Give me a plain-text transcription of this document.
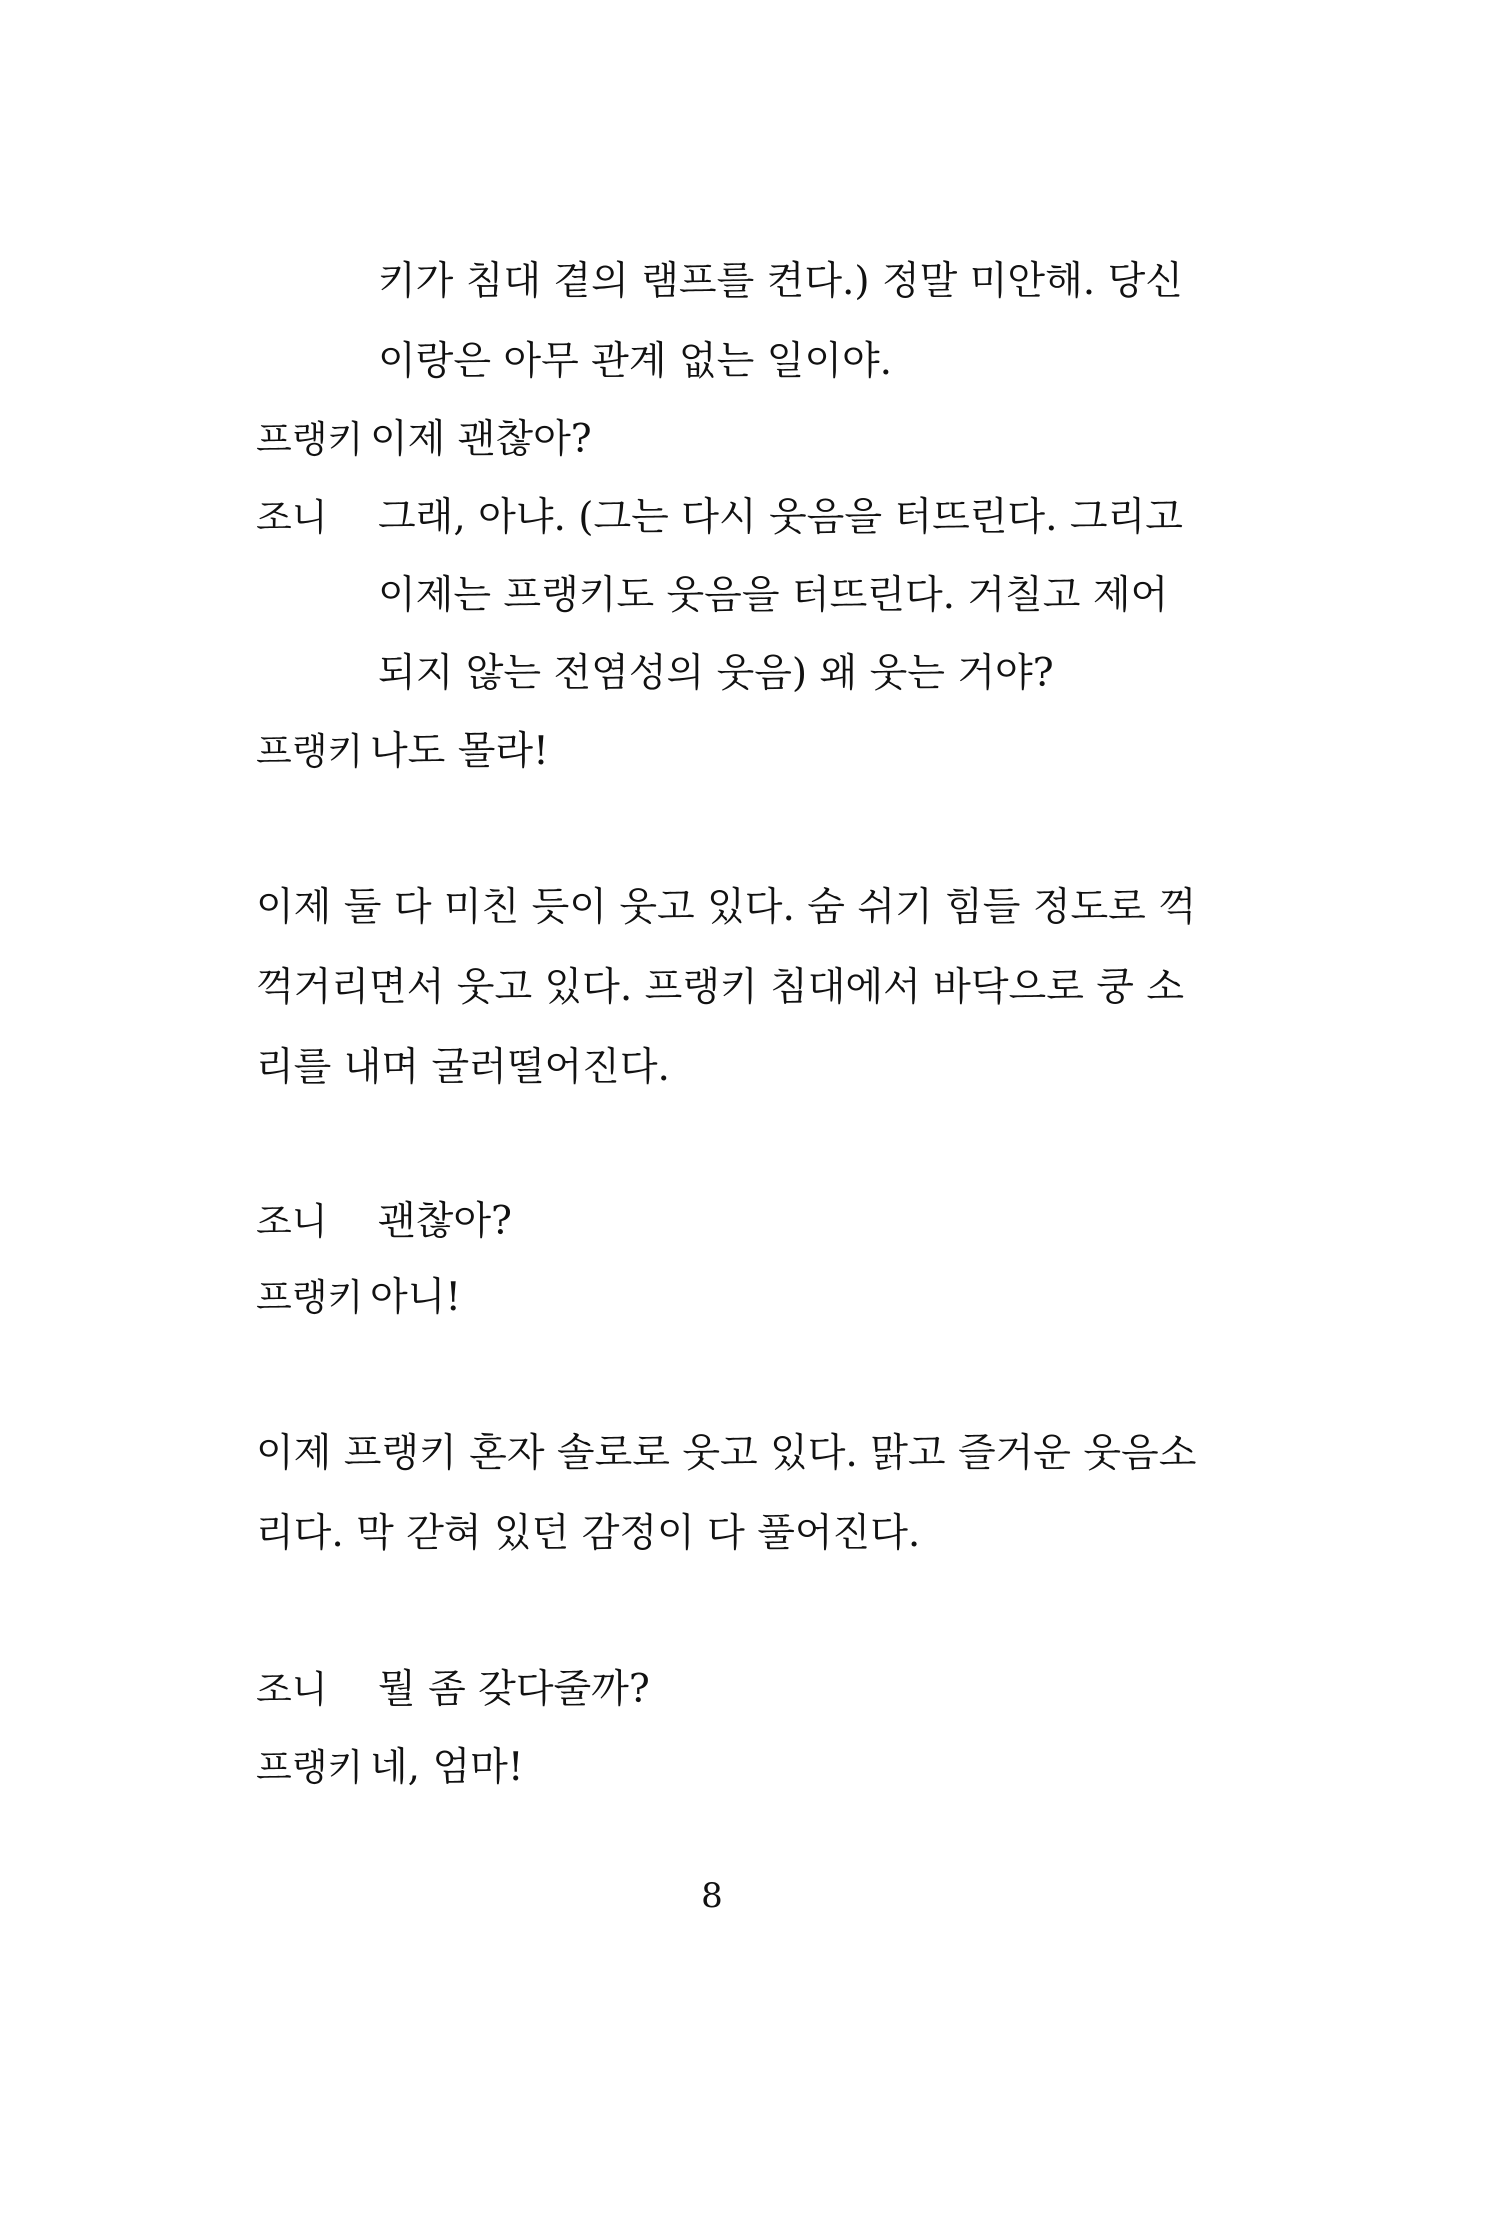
키가 침대 곁의 램프를 켠다.) 정말 미안해. 당신
이랑은 아무 관계 없는 일이야.
프랭키 이제 괜찮아?
조니 그래, 아냐. (그는 다시 웃음을 터뜨린다. 그리고
이제는 프랭키도 웃음을 터뜨린다. 거칠고 제어
되지 않는 전염성의 웃음) 왜 웃는 거야?
프랭키 나도 몰라!
이제 둘 다 미친 듯이 웃고 있다. 숨 쉬기 힘들 정도로 꺽
꺽거리면서 웃고 있다. 프랭키 침대에서 바닥으로 쿵 소
리를 내며 굴러떨어진다.
조니 괜찮아?
프랭키 아니!
이제 프랭키 혼자 솔로로 웃고 있다. 맑고 즐거운 웃음소
리다. 막 갇혀 있던 감정이 다 풀어진다.
조니 뭘 좀 갖다줄까?
프랭키 네, 엄마!
8
